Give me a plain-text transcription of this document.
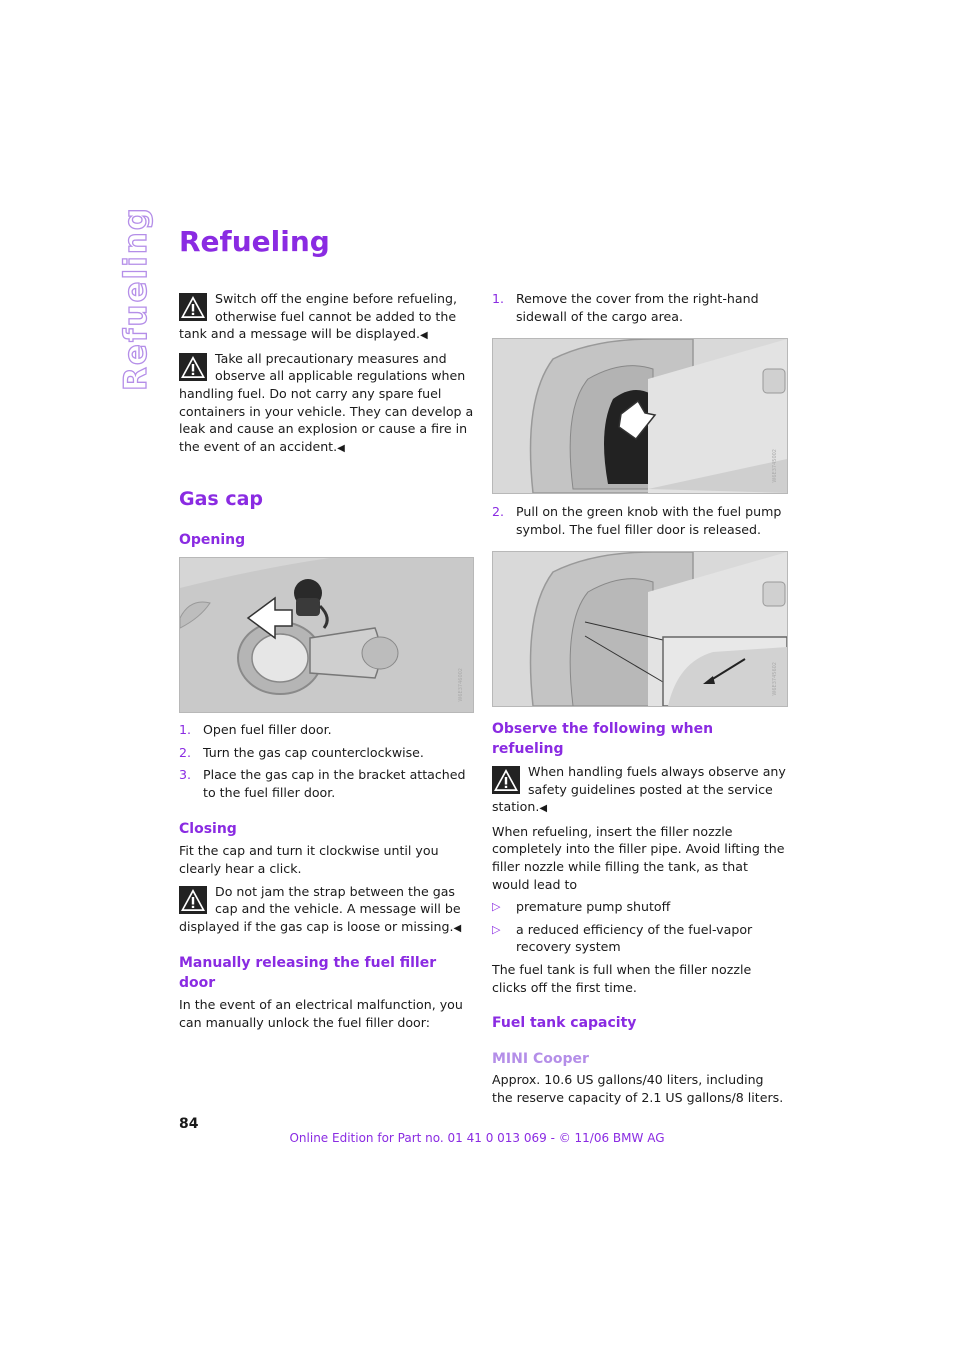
Refueling Refueling

Switch off the engine before refueling, otherwise fuel cannot be added to the tank and a message will be displayed.◀

Take all precautionary measures and observe all applicable regulations when handling fuel. Do not carry any spare fuel containers in your vehicle. They can develop a leak and cause an explosion or cause a fire in the event of an accident.◀

Gas cap
Opening
W6E3746002
1. Open fuel filler door.
2. Turn the gas cap counterclockwise.
3. Place the gas cap in the bracket attached to the fuel filler door.
Closing

Fit the cap and turn it clockwise until you clearly hear a click.

Do not jam the strap between the gas cap and the vehicle. A message will be displayed if the gas cap is loose or missing.◀

Manually releasing the fuel filler door

In the event of an electrical malfunction, you can manually unlock the fuel filler door:

1. Remove the cover from the right-hand sidewall of the cargo area.
W6E3745002
2. Pull on the green knob with the fuel pump symbol. The fuel filler door is released.
W6E3745602
Observe the following when refueling

When handling fuels always observe any safety guidelines posted at the service station.◀

When refueling, insert the filler nozzle completely into the filler pipe. Avoid lifting the filler nozzle while filling the tank, as that would lead to

▷ premature pump shutoff
▷ a reduced efficiency of the fuel-vapor recovery system

The fuel tank is full when the filler nozzle clicks off the first time.

Fuel tank capacity
MINI Cooper

Approx. 10.6 US gallons/40 liters, including the reserve capacity of 2.1 US gallons/8 liters.

84
Online Edition for Part no. 01 41 0 013 069 - © 11/06 BMW AG
